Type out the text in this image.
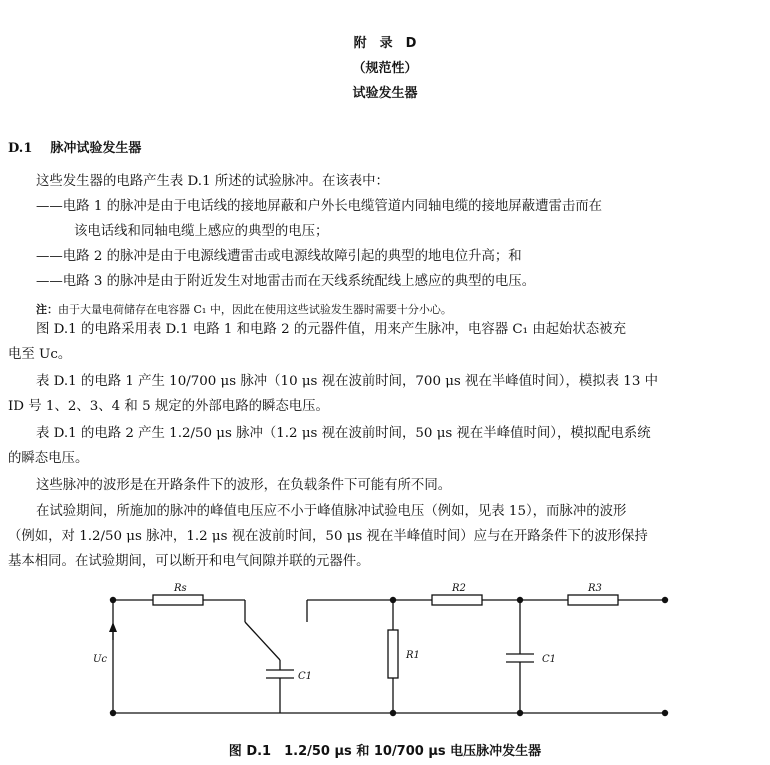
附　录　D
（规范性）
试验发生器
D.1 脉冲试验发生器
这些发生器的电路产生表 D.1 所述的试验脉冲。在该表中：
——电路 1 的脉冲是由于电话线的接地屏蔽和户外长电缆管道内同轴电缆的接地屏蔽遭雷击而在
该电话线和同轴电缆上感应的典型的电压；
——电路 2 的脉冲是由于电源线遭雷击或电源线故障引起的典型的地电位升高；和
——电路 3 的脉冲是由于附近发生对地雷击而在天线系统配线上感应的典型的电压。
注：由于大量电荷储存在电容器 C₁ 中，因此在使用这些试验发生器时需要十分小心。
图 D.1 的电路采用表 D.1 电路 1 和电路 2 的元器件值，用来产生脉冲，电容器 C₁ 由起始状态被充
电至 Uc。
表 D.1 的电路 1 产生 10/700 μs 脉冲（10 μs 视在波前时间，700 μs 视在半峰值时间），模拟表 13 中
ID 号 1、2、3、4 和 5 规定的外部电路的瞬态电压。
表 D.1 的电路 2 产生 1.2/50 μs 脉冲（1.2 μs 视在波前时间，50 μs 视在半峰值时间），模拟配电系统
的瞬态电压。
这些脉冲的波形是在开路条件下的波形，在负载条件下可能有所不同。
在试验期间，所施加的脉冲的峰值电压应不小于峰值脉冲试验电压（例如，见表 15），而脉冲的波形
（例如，对 1.2/50 μs 脉冲，1.2 μs 视在波前时间，50 μs 视在半峰值时间）应与在开路条件下的波形保持
基本相同。在试验期间，可以断开和电气间隙并联的元器件。
Rs
Uc
C1
R1
R2	R3
C1
图 D.1　1.2/50 μs 和 10/700 μs 电压脉冲发生器
